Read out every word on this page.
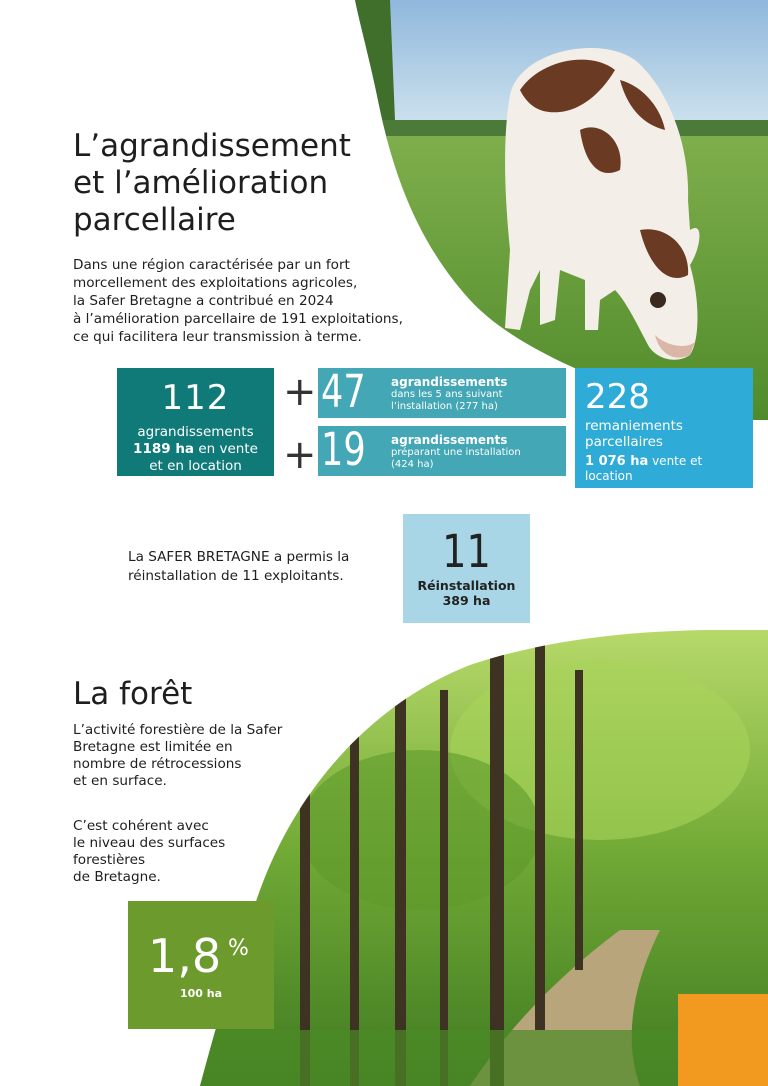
L’agrandissement
et l’amélioration
parcellaire
Dans une région caractérisée par un fort
morcellement des exploitations agricoles,
la Safer Bretagne a contribué en 2024
à l’amélioration parcellaire de 191 exploitations,
ce qui facilitera leur transmission à terme.
112
agrandissements
1189 ha en vente
et en location
+
+
47 agrandissements
dans les 5 ans suivant
l’installation (277 ha)
19 agrandissements
préparant une installation
(424 ha)
228
remaniements
parcellaires
1 076 ha vente et
location
La SAFER BRETAGNE a permis la
réinstallation de 11 exploitants.	11
Réinstallation
389 ha
La forêt
L’activité forestière de la Safer
Bretagne est limitée en
nombre de rétrocessions
et en surface.
C’est cohérent avec
le niveau des surfaces
forestières
de Bretagne.
1,8 %
100 ha
